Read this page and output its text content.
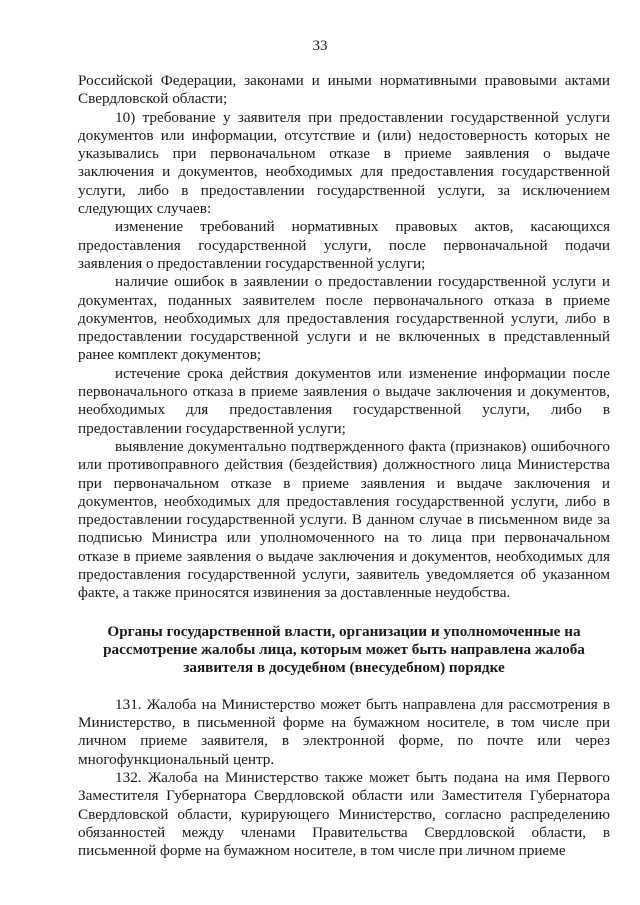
33

Российской Федерации, законами и иными нормативными правовыми актами Свердловской области;

10) требование у заявителя при предоставлении государственной услуги документов или информации, отсутствие и (или) недостоверность которых не указывались при первоначальном отказе в приеме заявления о выдаче заключения и документов, необходимых для предоставления государственной услуги, либо в предоставлении государственной услуги, за исключением следующих случаев:

изменение требований нормативных правовых актов, касающихся предоставления государственной услуги, после первоначальной подачи заявления о предоставлении государственной услуги;

наличие ошибок в заявлении о предоставлении государственной услуги и документах, поданных заявителем после первоначального отказа в приеме документов, необходимых для предоставления государственной услуги, либо в предоставлении государственной услуги и не включенных в представленный ранее комплект документов;

истечение срока действия документов или изменение информации после первоначального отказа в приеме заявления о выдаче заключения и документов, необходимых для предоставления государственной услуги, либо в предоставлении государственной услуги;

выявление документально подтвержденного факта (признаков) ошибочного или противоправного действия (бездействия) должностного лица Министерства при первоначальном отказе в приеме заявления и выдаче заключения и документов, необходимых для предоставления государственной услуги, либо в предоставлении государственной услуги. В данном случае в письменном виде за подписью Министра или уполномоченного на то лица при первоначальном отказе в приеме заявления о выдаче заключения и документов, необходимых для предоставления государственной услуги, заявитель уведомляется об указанном факте, а также приносятся извинения за доставленные неудобства.

Органы государственной власти, организации и уполномоченные на рассмотрение жалобы лица, которым может быть направлена жалоба заявителя в досудебном (внесудебном) порядке

131. Жалоба на Министерство может быть направлена для рассмотрения в Министерство, в письменной форме на бумажном носителе, в том числе при личном приеме заявителя, в электронной форме, по почте или через многофункциональный центр.

132. Жалоба на Министерство также может быть подана на имя Первого Заместителя Губернатора Свердловской области или Заместителя Губернатора Свердловской области, курирующего Министерство, согласно распределению обязанностей между членами Правительства Свердловской области, в письменной форме на бумажном носителе, в том числе при личном приеме
